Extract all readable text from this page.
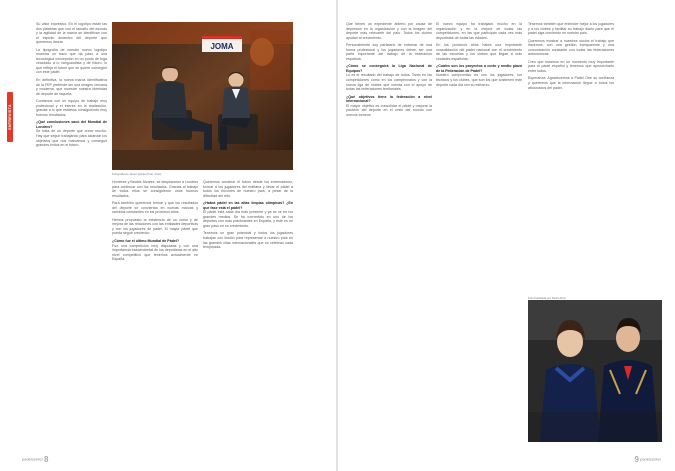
ENTREVISTA

Su valor expresivo. En el logotipo están las dos palabras que con el tamaño del escudo y la agilidad de la marca se identifican con el espíritu dinámico del deporte que queremos lanzar.

La tipografía de nuestro nuevo logotipo muestra un trazo que da paso a una tecnológica concepción en un punto de fuga vinculado a lo vanguardista y de futuro, lo que refleja el futuro que se quiere conseguir con este pádel.

En definitiva, la nueva marca identificativa de la FEP pretende ser una imagen cercana y moderna, que muestre nuestra identidad de deporte de raqueta.

Contamos con un equipo de trabajo muy profesional y el interés en la realización, gracias a lo que estamos consiguiendo muy buenos resultados.

¿Qué conclusiones sacó del Mundial de Londres?

Se trata de un deporte que crece mucho. Hay que seguir trabajando para alcanzar los objetivos que nos marcamos y conseguir grandes éxitos en el futuro.

JOMA
Fotografía de Javier Iglesia (Foto: Fran)

Hombres y Beatriz Álvarez, se desplazaron a Londres para continuar con los resultados. Gracias al trabajo de todos ellos se consiguieron unos buenos resultados.

Para también queremos formar y que los resultados del deporte se conviertan en nuevas marcas y cambios constantes en los próximos años.

Hemos propuesto la existencia de un curso y de mejora de las relaciones con las entidades deportivas y con los jugadores de pádel. El mayor pádel que pueda seguir creciendo.

¿Cómo fue el último Mundial de Pádel?

Fue una competición muy disputada y con una importancia trascendental de los deportistas en el alto nivel competitivo que tenemos actualmente en España.

Queremos construir el futuro desde los entrenadores, formar a los jugadores del mañana y llevar el pádel a todos los rincones de nuestro país, a pesar de la dificultad del reto.

¿Habrá pádel en las altas limpias olímpicas? ¿En qué fase está el pádel?

El pádel está cada día más presente y ya se ve en los grandes medios. Se ha convertido en uno de los deportes con más practicantes en España, y este es un gran paso en su crecimiento.

Tenemos un gran potencial y todos los jugadores trabajan con ilusión para representar a nuestro país en las grandes citas internacionales que se celebran cada temporada.

padelcenter 8

Que tienen un expediente abierto por causa de depresión en la organización y con la imagen del deporte más relevante del país. Todos los clubes ayudan al crecimiento.

Personalmente soy partidario de entrenar de una forma profesional y los jugadores deben ser una parte importante del trabajo de la federación española.

¿Cómo se conseguirá la Liga Nacional de Equipos?

Lo es el resultado del trabajo de todos. Tanto en las competiciones como en los campeonatos y con la nueva liga de clubes que cuenta con el apoyo de todas las federaciones territoriales.

¿Qué objetivos tiene la federación a nivel internacional?

El mayor objetivo es consolidar el pádel y mejorar la posición del deporte en el resto del mundo con nuevos torneos.

El nuevo equipo ha trabajado mucho en la organización y en la mejora de todas las competiciones, en las que participan cada vez más deportistas de todas las edades.

En los próximos años habrá una importante consolidación del pádel nacional con el crecimiento de las escuelas y los clubes que llegan a más ciudades españolas.

¿Cuáles son los proyectos a corto y medio plazo de la Federación de Pádel?

Nuestro compromiso es con los jugadores, los técnicos y los clubes, que son los que sostienen este deporte cada día con su esfuerzo.

Tenemos también que entender mejor a los jugadores y a los clubes y facilitar su trabajo diario para que el pádel siga creciendo en nuestro país.

Queremos mostrar a nuestros socios el trabajo que hacemos, con una gestión transparente y una comunicación constante con todas las federaciones autonómicas.

Creo que estamos en un momento muy importante para el pádel español y tenemos que aprovecharlo entre todos.

Esperanza: Agradecemos a Pádel One su confianza y queremos que la información llegue a todos los aficionados del pádel.

Foto Facilitada por Pedro Ruiz
9 padelcenter
